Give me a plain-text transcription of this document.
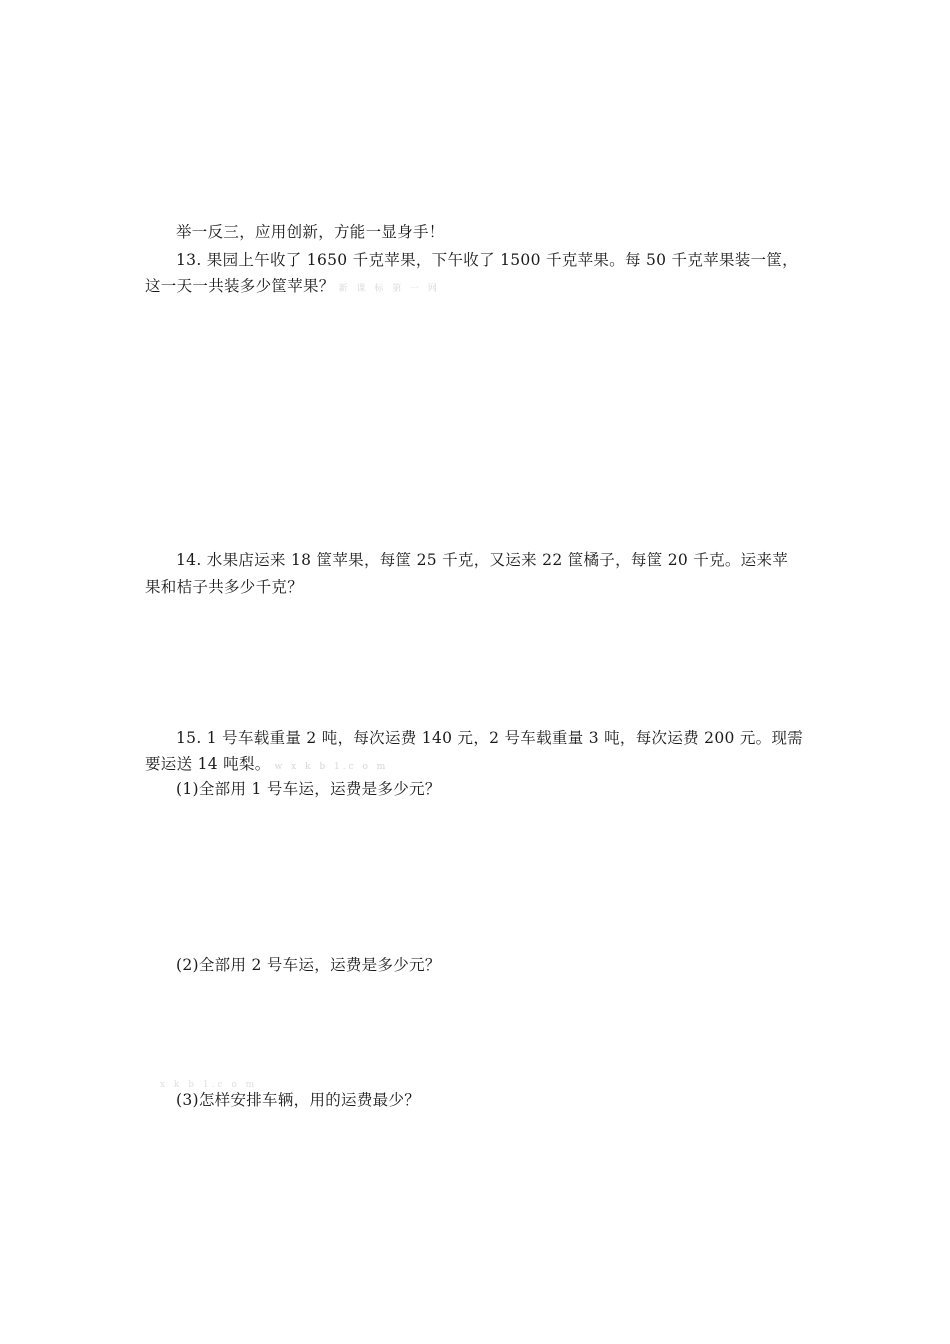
举一反三，应用创新，方能一显身手！
13. 果园上午收了 1650 千克苹果，下午收了 1500 千克苹果。每 50 千克苹果装一筐，
这一天一共装多少筐苹果？ 新 课 标 第 一 网
14. 水果店运来 18 筐苹果，每筐 25 千克，又运来 22 筐橘子，每筐 20 千克。运来苹
果和桔子共多少千克？
15. 1 号车载重量 2 吨，每次运费 140 元，2 号车载重量 3 吨，每次运费 200 元。现需
要运送 14 吨梨。 w x k b 1.c o m
(1)全部用 1 号车运，运费是多少元？
(2)全部用 2 号车运，运费是多少元？
x k b 1.c o m
(3)怎样安排车辆，用的运费最少？
